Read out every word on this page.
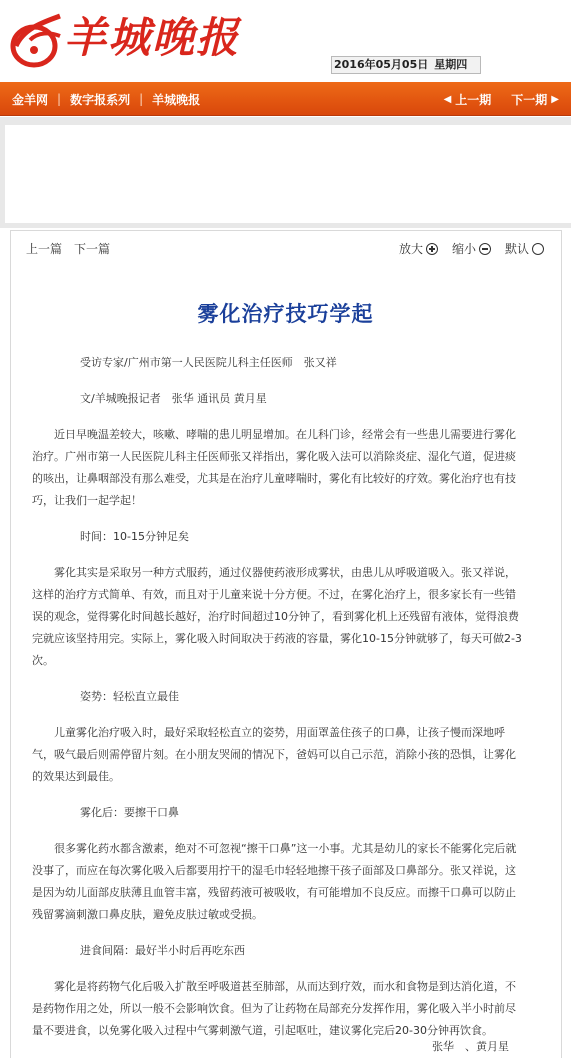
羊城晚报
2016年05月05日 星期四
金羊网 | 数字报系列 | 羊城晚报	◀ 上一期 下一期 ▶
上一篇 下一篇	放大 缩小 默认
雾化治疗技巧学起

受访专家/广州市第一人民医院儿科主任医师　张又祥

文/羊城晚报记者　张华 通讯员 黄月星

近日早晚温差较大，咳嗽、哮喘的患儿明显增加。在儿科门诊，经常会有一些患儿需要进行雾化治疗。广州市第一人民医院儿科主任医师张又祥指出，雾化吸入法可以消除炎症、湿化气道，促进痰的咳出，让鼻咽部没有那么难受，尤其是在治疗儿童哮喘时，雾化有比较好的疗效。雾化治疗也有技巧，让我们一起学起！

时间：10-15分钟足矣

雾化其实是采取另一种方式服药，通过仪器使药液形成雾状，由患儿从呼吸道吸入。张又祥说，这样的治疗方式简单、有效，而且对于儿童来说十分方便。不过，在雾化治疗上，很多家长有一些错误的观念，觉得雾化时间越长越好，治疗时间超过10分钟了，看到雾化机上还残留有液体，觉得浪费完就应该坚持用完。实际上，雾化吸入时间取决于药液的容量，雾化10-15分钟就够了，每天可做2-3次。

姿势：轻松直立最佳

儿童雾化治疗吸入时，最好采取轻松直立的姿势，用面罩盖住孩子的口鼻，让孩子慢而深地呼气，吸气最后则需停留片刻。在小朋友哭闹的情况下，爸妈可以自己示范，消除小孩的恐惧，让雾化的效果达到最佳。

雾化后：要擦干口鼻

很多雾化药水都含激素，绝对不可忽视“擦干口鼻”这一小事。尤其是幼儿的家长不能雾化完后就没事了，而应在每次雾化吸入后都要用拧干的湿毛巾轻轻地擦干孩子面部及口鼻部分。张又祥说，这是因为幼儿面部皮肤薄且血管丰富，残留药液可被吸收，有可能增加不良反应。而擦干口鼻可以防止残留雾滴刺激口鼻皮肤，避免皮肤过敏或受损。

进食间隔：最好半小时后再吃东西

雾化是将药物气化后吸入扩散至呼吸道甚至肺部，从而达到疗效，而水和食物是到达消化道，不是药物作用之处，所以一般不会影响饮食。但为了让药物在局部充分发挥作用，雾化吸入半小时前尽量不要进食，以免雾化吸入过程中气雾刺激气道，引起呕吐，建议雾化完后20-30分钟再饮食。

张华　、黄月星
